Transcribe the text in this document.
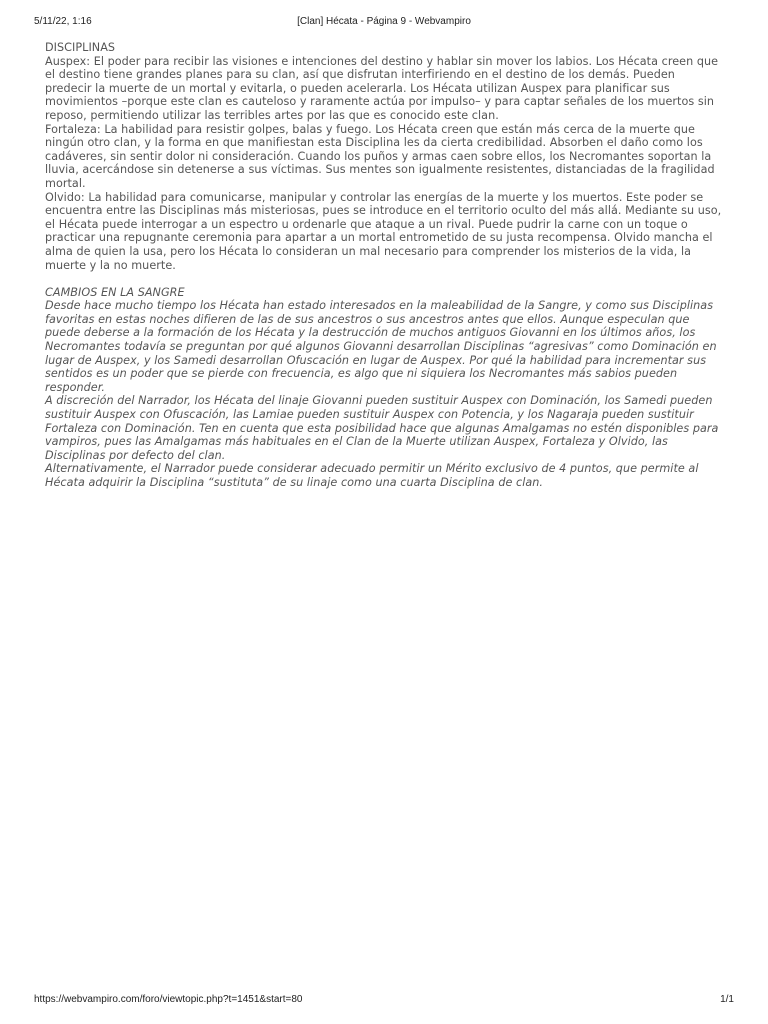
5/11/22, 1:16	[Clan] Hécata - Página 9 - Webvampiro

DISCIPLINAS

Auspex: El poder para recibir las visiones e intenciones del destino y hablar sin mover los labios. Los Hécata creen que el destino tiene grandes planes para su clan, así que disfrutan interfiriendo en el destino de los demás. Pueden predecir la muerte de un mortal y evitarla, o pueden acelerarla. Los Hécata utilizan Auspex para planificar sus movimientos –porque este clan es cauteloso y raramente actúa por impulso– y para captar señales de los muertos sin reposo, permitiendo utilizar las terribles artes por las que es conocido este clan.

Fortaleza: La habilidad para resistir golpes, balas y fuego. Los Hécata creen que están más cerca de la muerte que ningún otro clan, y la forma en que manifiestan esta Disciplina les da cierta credibilidad. Absorben el daño como los cadáveres, sin sentir dolor ni consideración. Cuando los puños y armas caen sobre ellos, los Necromantes soportan la lluvia, acercándose sin detenerse a sus víctimas. Sus mentes son igualmente resistentes, distanciadas de la fragilidad mortal.

Olvido: La habilidad para comunicarse, manipular y controlar las energías de la muerte y los muertos. Este poder se encuentra entre las Disciplinas más misteriosas, pues se introduce en el territorio oculto del más allá. Mediante su uso, el Hécata puede interrogar a un espectro u ordenarle que ataque a un rival. Puede pudrir la carne con un toque o practicar una repugnante ceremonia para apartar a un mortal entrometido de su justa recompensa. Olvido mancha el alma de quien la usa, pero los Hécata lo consideran un mal necesario para comprender los misterios de la vida, la muerte y la no muerte.

CAMBIOS EN LA SANGRE

Desde hace mucho tiempo los Hécata han estado interesados en la maleabilidad de la Sangre, y como sus Disciplinas favoritas en estas noches difieren de las de sus ancestros o sus ancestros antes que ellos. Aunque especulan que puede deberse a la formación de los Hécata y la destrucción de muchos antiguos Giovanni en los últimos años, los Necromantes todavía se preguntan por qué algunos Giovanni desarrollan Disciplinas “agresivas” como Dominación en lugar de Auspex, y los Samedi desarrollan Ofuscación en lugar de Auspex. Por qué la habilidad para incrementar sus sentidos es un poder que se pierde con frecuencia, es algo que ni siquiera los Necromantes más sabios pueden responder.

A discreción del Narrador, los Hécata del linaje Giovanni pueden sustituir Auspex con Dominación, los Samedi pueden sustituir Auspex con Ofuscación, las Lamiae pueden sustituir Auspex con Potencia, y los Nagaraja pueden sustituir Fortaleza con Dominación. Ten en cuenta que esta posibilidad hace que algunas Amalgamas no estén disponibles para vampiros, pues las Amalgamas más habituales en el Clan de la Muerte utilizan Auspex, Fortaleza y Olvido, las Disciplinas por defecto del clan.

Alternativamente, el Narrador puede considerar adecuado permitir un Mérito exclusivo de 4 puntos, que permite al Hécata adquirir la Disciplina “sustituta” de su linaje como una cuarta Disciplina de clan.

https://webvampiro.com/foro/viewtopic.php?t=1451&start=80	1/1
